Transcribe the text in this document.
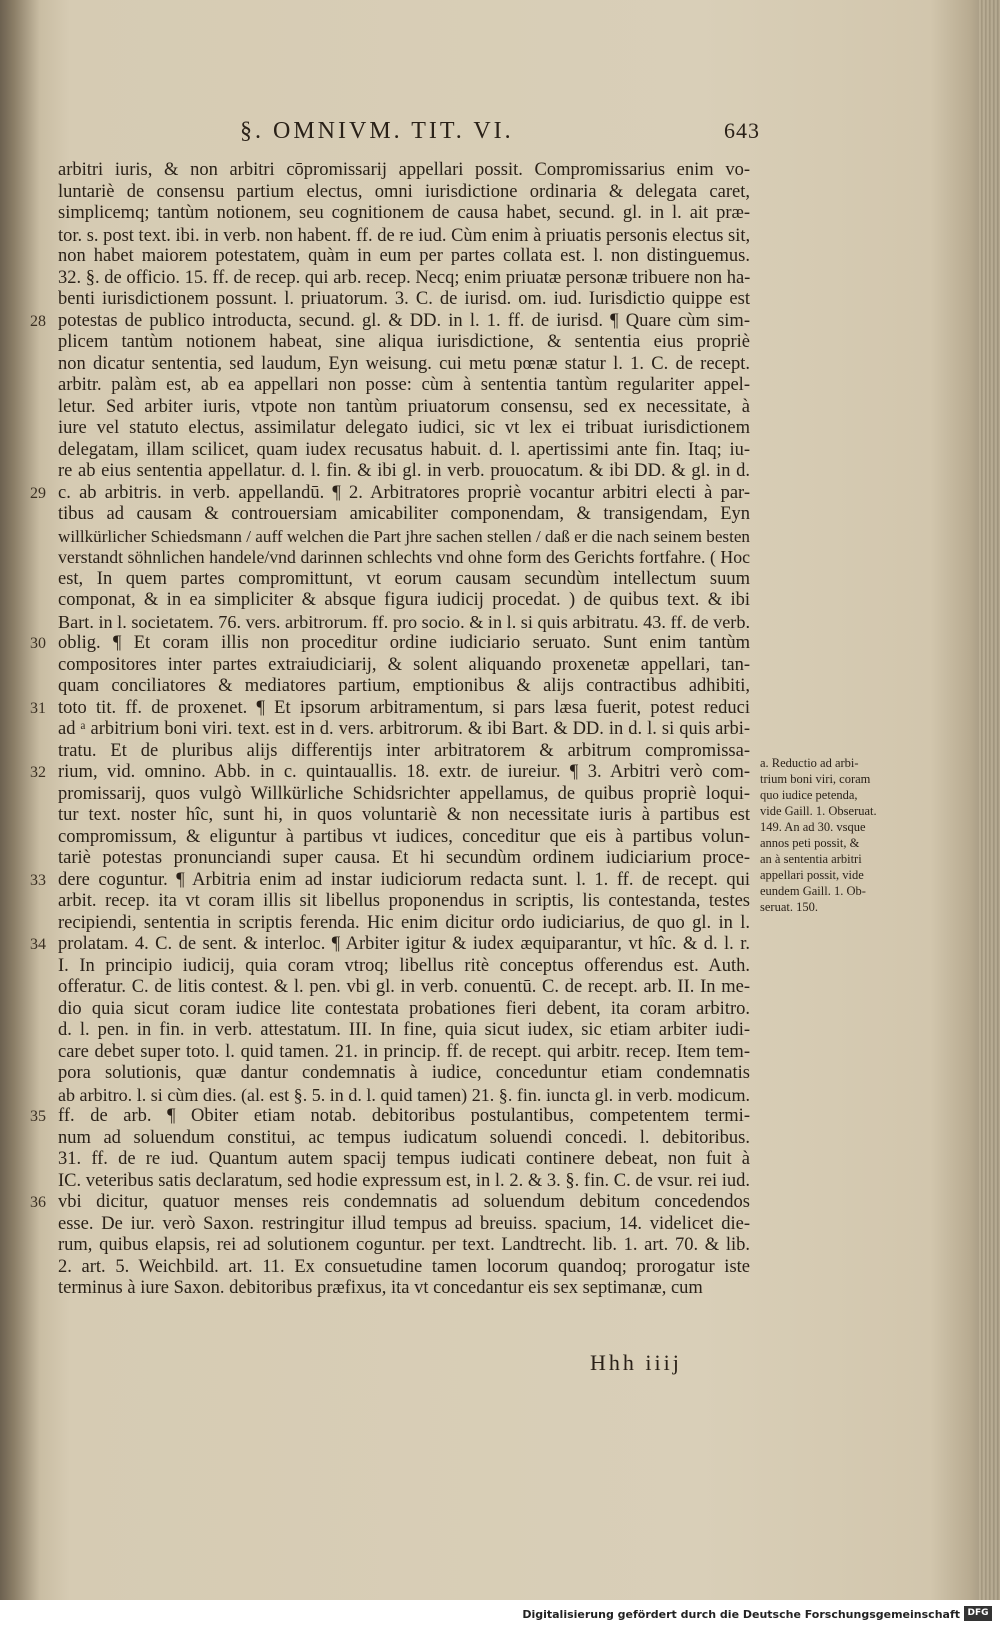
§. OMNIVM. TIT. VI.	643
arbitri iuris, & non arbitri cōpromissarij appellari possit. Compromissarius enim vo-
luntariè de consensu partium electus, omni iurisdictione ordinaria & delegata caret,
simplicemq; tantùm notionem, seu cognitionem de causa habet, secund. gl. in l. ait præ-
tor. s. post text. ibi. in verb. non habent. ff. de re iud. Cùm enim à priuatis personis electus sit,
non habet maiorem potestatem, quàm in eum per partes collata est. l. non distinguemus.
32. §. de officio. 15. ff. de recep. qui arb. recep. Necq; enim priuatæ personæ tribuere non ha-
benti iurisdictionem possunt. l. priuatorum. 3. C. de iurisd. om. iud. Iurisdictio quippe est
potestas de publico introducta, secund. gl. & DD. in l. 1. ff. de iurisd. ¶ Quare cùm sim-
plicem tantùm notionem habeat, sine aliqua iurisdictione, & sententia eius propriè
non dicatur sententia, sed laudum, Eyn weisung. cui metu pœnæ statur l. 1. C. de recept.
arbitr. palàm est, ab ea appellari non posse: cùm à sententia tantùm regulariter appel-
letur. Sed arbiter iuris, vtpote non tantùm priuatorum consensu, sed ex necessitate, à
iure vel statuto electus, assimilatur delegato iudici, sic vt lex ei tribuat iurisdictionem
delegatam, illam scilicet, quam iudex recusatus habuit. d. l. apertissimi ante fin. Itaq; iu-
re ab eius sententia appellatur. d. l. fin. & ibi gl. in verb. prouocatum. & ibi DD. & gl. in d.
c. ab arbitris. in verb. appellandū. ¶ 2. Arbitratores propriè vocantur arbitri electi à par-
tibus ad causam & controuersiam amicabiliter componendam, & transigendam, Eyn
willkürlicher Schiedsmann / auff welchen die Part jhre sachen stellen / daß er die nach seinem besten
verstandt söhnlichen handele/vnd darinnen schlechts vnd ohne form des Gerichts fortfahre. ( Hoc
est, In quem partes compromittunt, vt eorum causam secundùm intellectum suum
componat, & in ea simpliciter & absque figura iudicij procedat. ) de quibus text. & ibi
Bart. in l. societatem. 76. vers. arbitrorum. ff. pro socio. & in l. si quis arbitratu. 43. ff. de verb.
oblig. ¶ Et coram illis non proceditur ordine iudiciario seruato. Sunt enim tantùm
compositores inter partes extraiudiciarij, & solent aliquando proxenetæ appellari, tan-
quam conciliatores & mediatores partium, emptionibus & alijs contractibus adhibiti,
toto tit. ff. de proxenet. ¶ Et ipsorum arbitramentum, si pars læsa fuerit, potest reduci
ad ᵃ arbitrium boni viri. text. est in d. vers. arbitrorum. & ibi Bart. & DD. in d. l. si quis arbi-
tratu. Et de pluribus alijs differentijs inter arbitratorem & arbitrum compromissa-
rium, vid. omnino. Abb. in c. quintauallis. 18. extr. de iureiur. ¶ 3. Arbitri verò com-
promissarij, quos vulgò Willkürliche Schidsrichter appellamus, de quibus propriè loqui-
tur text. noster hîc, sunt hi, in quos voluntariè & non necessitate iuris à partibus est
compromissum, & eliguntur à partibus vt iudices, conceditur que eis à partibus volun-
tariè potestas pronunciandi super causa. Et hi secundùm ordinem iudiciarium proce-
dere coguntur. ¶ Arbitria enim ad instar iudiciorum redacta sunt. l. 1. ff. de recept. qui
arbit. recep. ita vt coram illis sit libellus proponendus in scriptis, lis contestanda, testes
recipiendi, sententia in scriptis ferenda. Hic enim dicitur ordo iudiciarius, de quo gl. in l.
prolatam. 4. C. de sent. & interloc. ¶ Arbiter igitur & iudex æquiparantur, vt hîc. & d. l. r.
I. In principio iudicij, quia coram vtroq; libellus ritè conceptus offerendus est. Auth.
offeratur. C. de litis contest. & l. pen. vbi gl. in verb. conuentū. C. de recept. arb. II. In me-
dio quia sicut coram iudice lite contestata probationes fieri debent, ita coram arbitro.
d. l. pen. in fin. in verb. attestatum. III. In fine, quia sicut iudex, sic etiam arbiter iudi-
care debet super toto. l. quid tamen. 21. in princip. ff. de recept. qui arbitr. recep. Item tem-
pora solutionis, quæ dantur condemnatis à iudice, conceduntur etiam condemnatis
ab arbitro. l. si cùm dies. (al. est §. 5. in d. l. quid tamen) 21. §. fin. iuncta gl. in verb. modicum.
ff. de arb. ¶ Obiter etiam notab. debitoribus postulantibus, competentem termi-
num ad soluendum constitui, ac tempus iudicatum soluendi concedi. l. debitoribus.
31. ff. de re iud. Quantum autem spacij tempus iudicati continere debeat, non fuit à
IC. veteribus satis declaratum, sed hodie expressum est, in l. 2. & 3. §. fin. C. de vsur. rei iud.
vbi dicitur, quatuor menses reis condemnatis ad soluendum debitum concedendos
esse. De iur. verò Saxon. restringitur illud tempus ad breuiss. spacium, 14. videlicet die-
rum, quibus elapsis, rei ad solutionem coguntur. per text. Landtrecht. lib. 1. art. 70. & lib.
2. art. 5. Weichbild. art. 11. Ex consuetudine tamen locorum quandoq; prorogatur iste
terminus à iure Saxon. debitoribus præfixus, ita vt concedantur eis sex septimanæ, cum
28
29
30
31
32
33
34
35
36
a. Reductio ad arbi-
trium boni viri, coram
quo iudice petenda,
vide Gaill. 1. Obseruat.
149. An ad 30. vsque
annos peti possit, &
an à sententia arbitri
appellari possit, vide
eundem Gaill. 1. Ob-
seruat. 150.
Hhh iiij
Digitalisierung gefördert durch die Deutsche Forschungsgemeinschaft DFG
